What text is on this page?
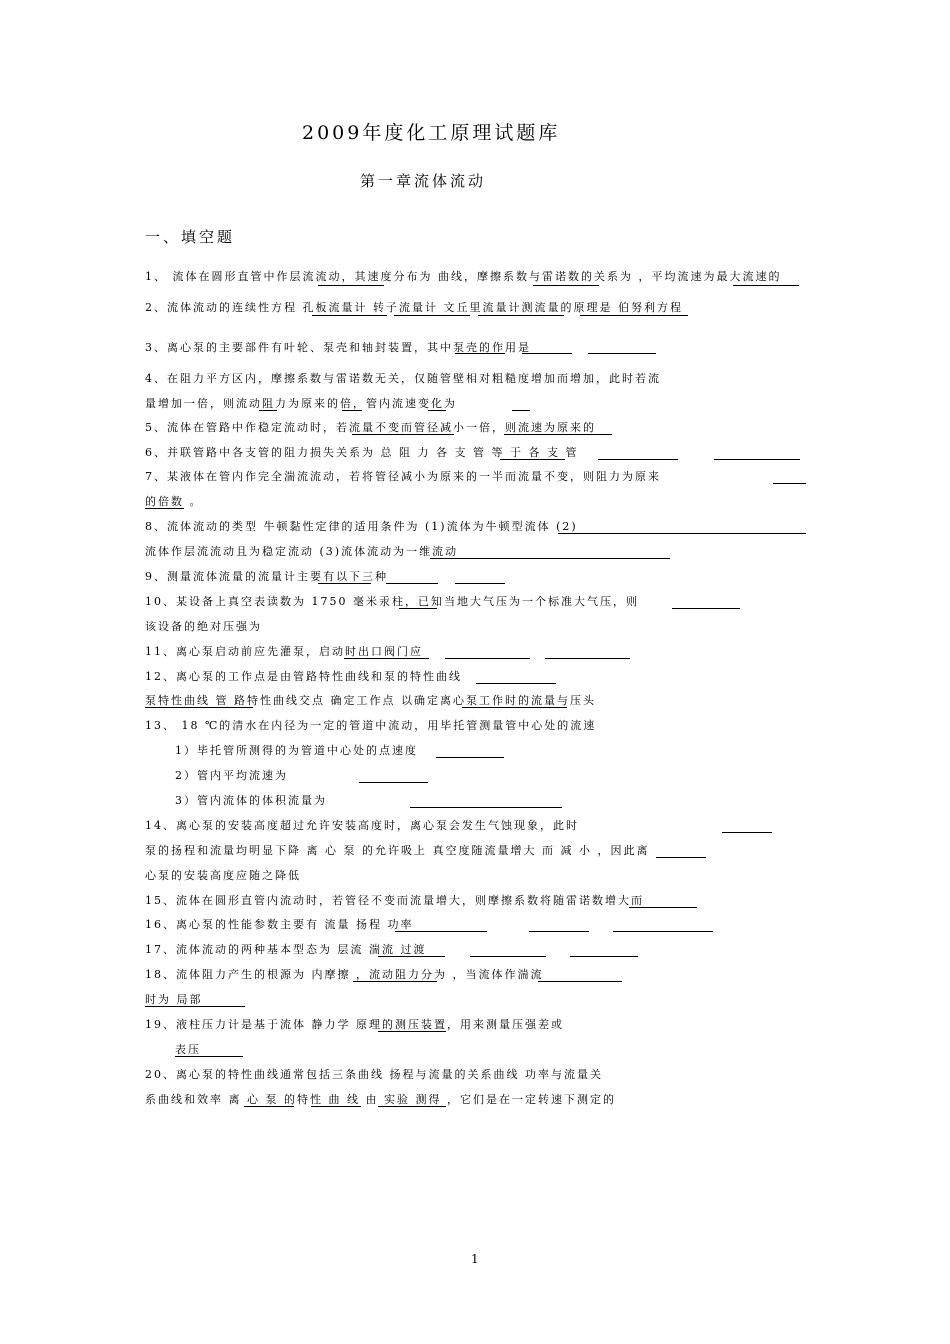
2009年度化工原理试题库
第一章流体流动
一、填空题
1、 流体在圆形直管中作层流流动，其速度分布为 曲线，摩擦系数与雷诺数的关系为 ，平均流速为最大流速的
2、流体流动的连续性方程 孔板流量计 转子流量计 文丘里流量计测流量的原理是 伯努利方程
3、离心泵的主要部件有叶轮、泵壳和轴封装置，其中泵壳的作用是
4、在阻力平方区内，摩擦系数与雷诺数无关，仅随管壁相对粗糙度增加而增加，此时若流
量增加一倍，则流动阻力为原来的倍，管内流速变化为
5、流体在管路中作稳定流动时，若流量不变而管径减小一倍，则流速为原来的
6、并联管路中各支管的阻力损失关系为 总 阻 力 各 支 管 等 于 各 支 管
7、某液体在管内作完全湍流流动，若将管径减小为原来的一半而流量不变，则阻力为原来
的倍数 。
8、流体流动的类型 牛顿黏性定律的适用条件为 (1)流体为牛顿型流体 (2)
流体作层流流动且为稳定流动 (3)流体流动为一维流动
9、测量流体流量的流量计主要有以下三种
10、某设备上真空表读数为 1750 毫米汞柱，已知当地大气压为一个标准大气压，则
该设备的绝对压强为
11、离心泵启动前应先灌泵，启动时出口阀门应
12、离心泵的工作点是由管路特性曲线和泵的特性曲线
泵特性曲线 管 路特性曲线交点 确定工作点 以确定离心泵工作时的流量与压头
13、 18 ℃的清水在内径为一定的管道中流动，用毕托管测量管中心处的流速
1）毕托管所测得的为管道中心处的点速度
2）管内平均流速为
3）管内流体的体积流量为
14、离心泵的安装高度超过允许安装高度时，离心泵会发生气蚀现象，此时
泵的扬程和流量均明显下降 离 心 泵 的允许吸上 真空度随流量增大 而 减 小 ，因此离
心泵的安装高度应随之降低
15、流体在圆形直管内流动时，若管径不变而流量增大，则摩擦系数将随雷诺数增大而
16、离心泵的性能参数主要有 流量 扬程 功率
17、流体流动的两种基本型态为 层流 湍流 过渡
18、流体阻力产生的根源为 内摩擦 ，流动阻力分为 ，当流体作湍流
时为 局部
19、液柱压力计是基于流体 静力学 原理的测压装置，用来测量压强差或
表压
20、离心泵的特性曲线通常包括三条曲线 扬程与流量的关系曲线 功率与流量关
系曲线和效率 离 心 泵 的特性 曲 线 由 实验 测得 ，它们是在一定转速下测定的
1
